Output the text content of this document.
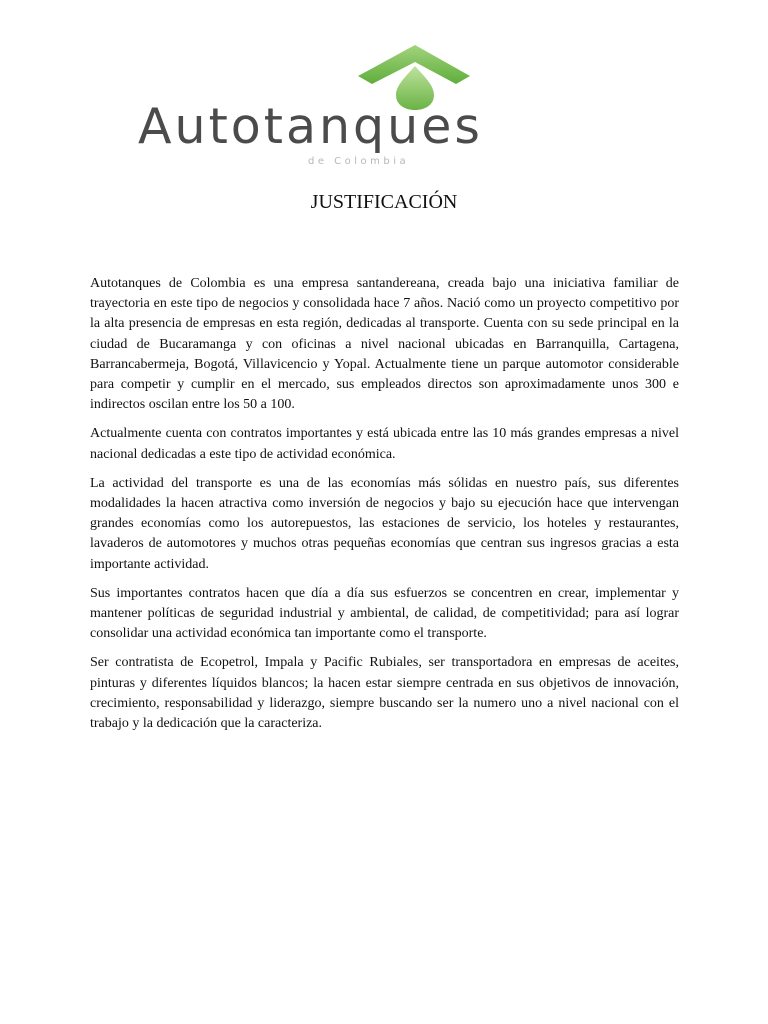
Autotanques
de Colombia
JUSTIFICACIÓN

Autotanques de Colombia es una empresa santandereana, creada bajo una iniciativa familiar de trayectoria en este tipo de negocios y consolidada hace 7 años. Nació como un proyecto competitivo por la alta presencia de empresas en esta región, dedicadas al transporte. Cuenta con su sede principal en la ciudad de Bucaramanga y con oficinas a nivel nacional ubicadas en Barranquilla, Cartagena, Barrancabermeja, Bogotá, Villavicencio y Yopal. Actualmente tiene un parque automotor considerable para competir y cumplir en el mercado, sus empleados directos son aproximadamente unos 300 e indirectos oscilan entre los 50 a 100.

Actualmente cuenta con contratos importantes y está ubicada entre las 10 más grandes empresas a nivel nacional dedicadas a este tipo de actividad económica.

La actividad del transporte es una de las economías más sólidas en nuestro país, sus diferentes modalidades la hacen atractiva como inversión de negocios y bajo su ejecución hace que intervengan grandes economías como los autorepuestos, las estaciones de servicio, los hoteles y restaurantes, lavaderos de automotores y muchos otras pequeñas economías que centran sus ingresos gracias a esta importante actividad.

Sus importantes contratos hacen que día a día sus esfuerzos se concentren en crear, implementar y mantener políticas de seguridad industrial y ambiental, de calidad, de competitividad; para así lograr consolidar una actividad económica tan importante como el transporte.

Ser contratista de Ecopetrol, Impala y Pacific Rubiales, ser transportadora en empresas de aceites, pinturas y diferentes líquidos blancos; la hacen estar siempre centrada en sus objetivos de innovación, crecimiento, responsabilidad y liderazgo, siempre buscando ser la numero uno a nivel nacional con el trabajo y la dedicación que la caracteriza.
